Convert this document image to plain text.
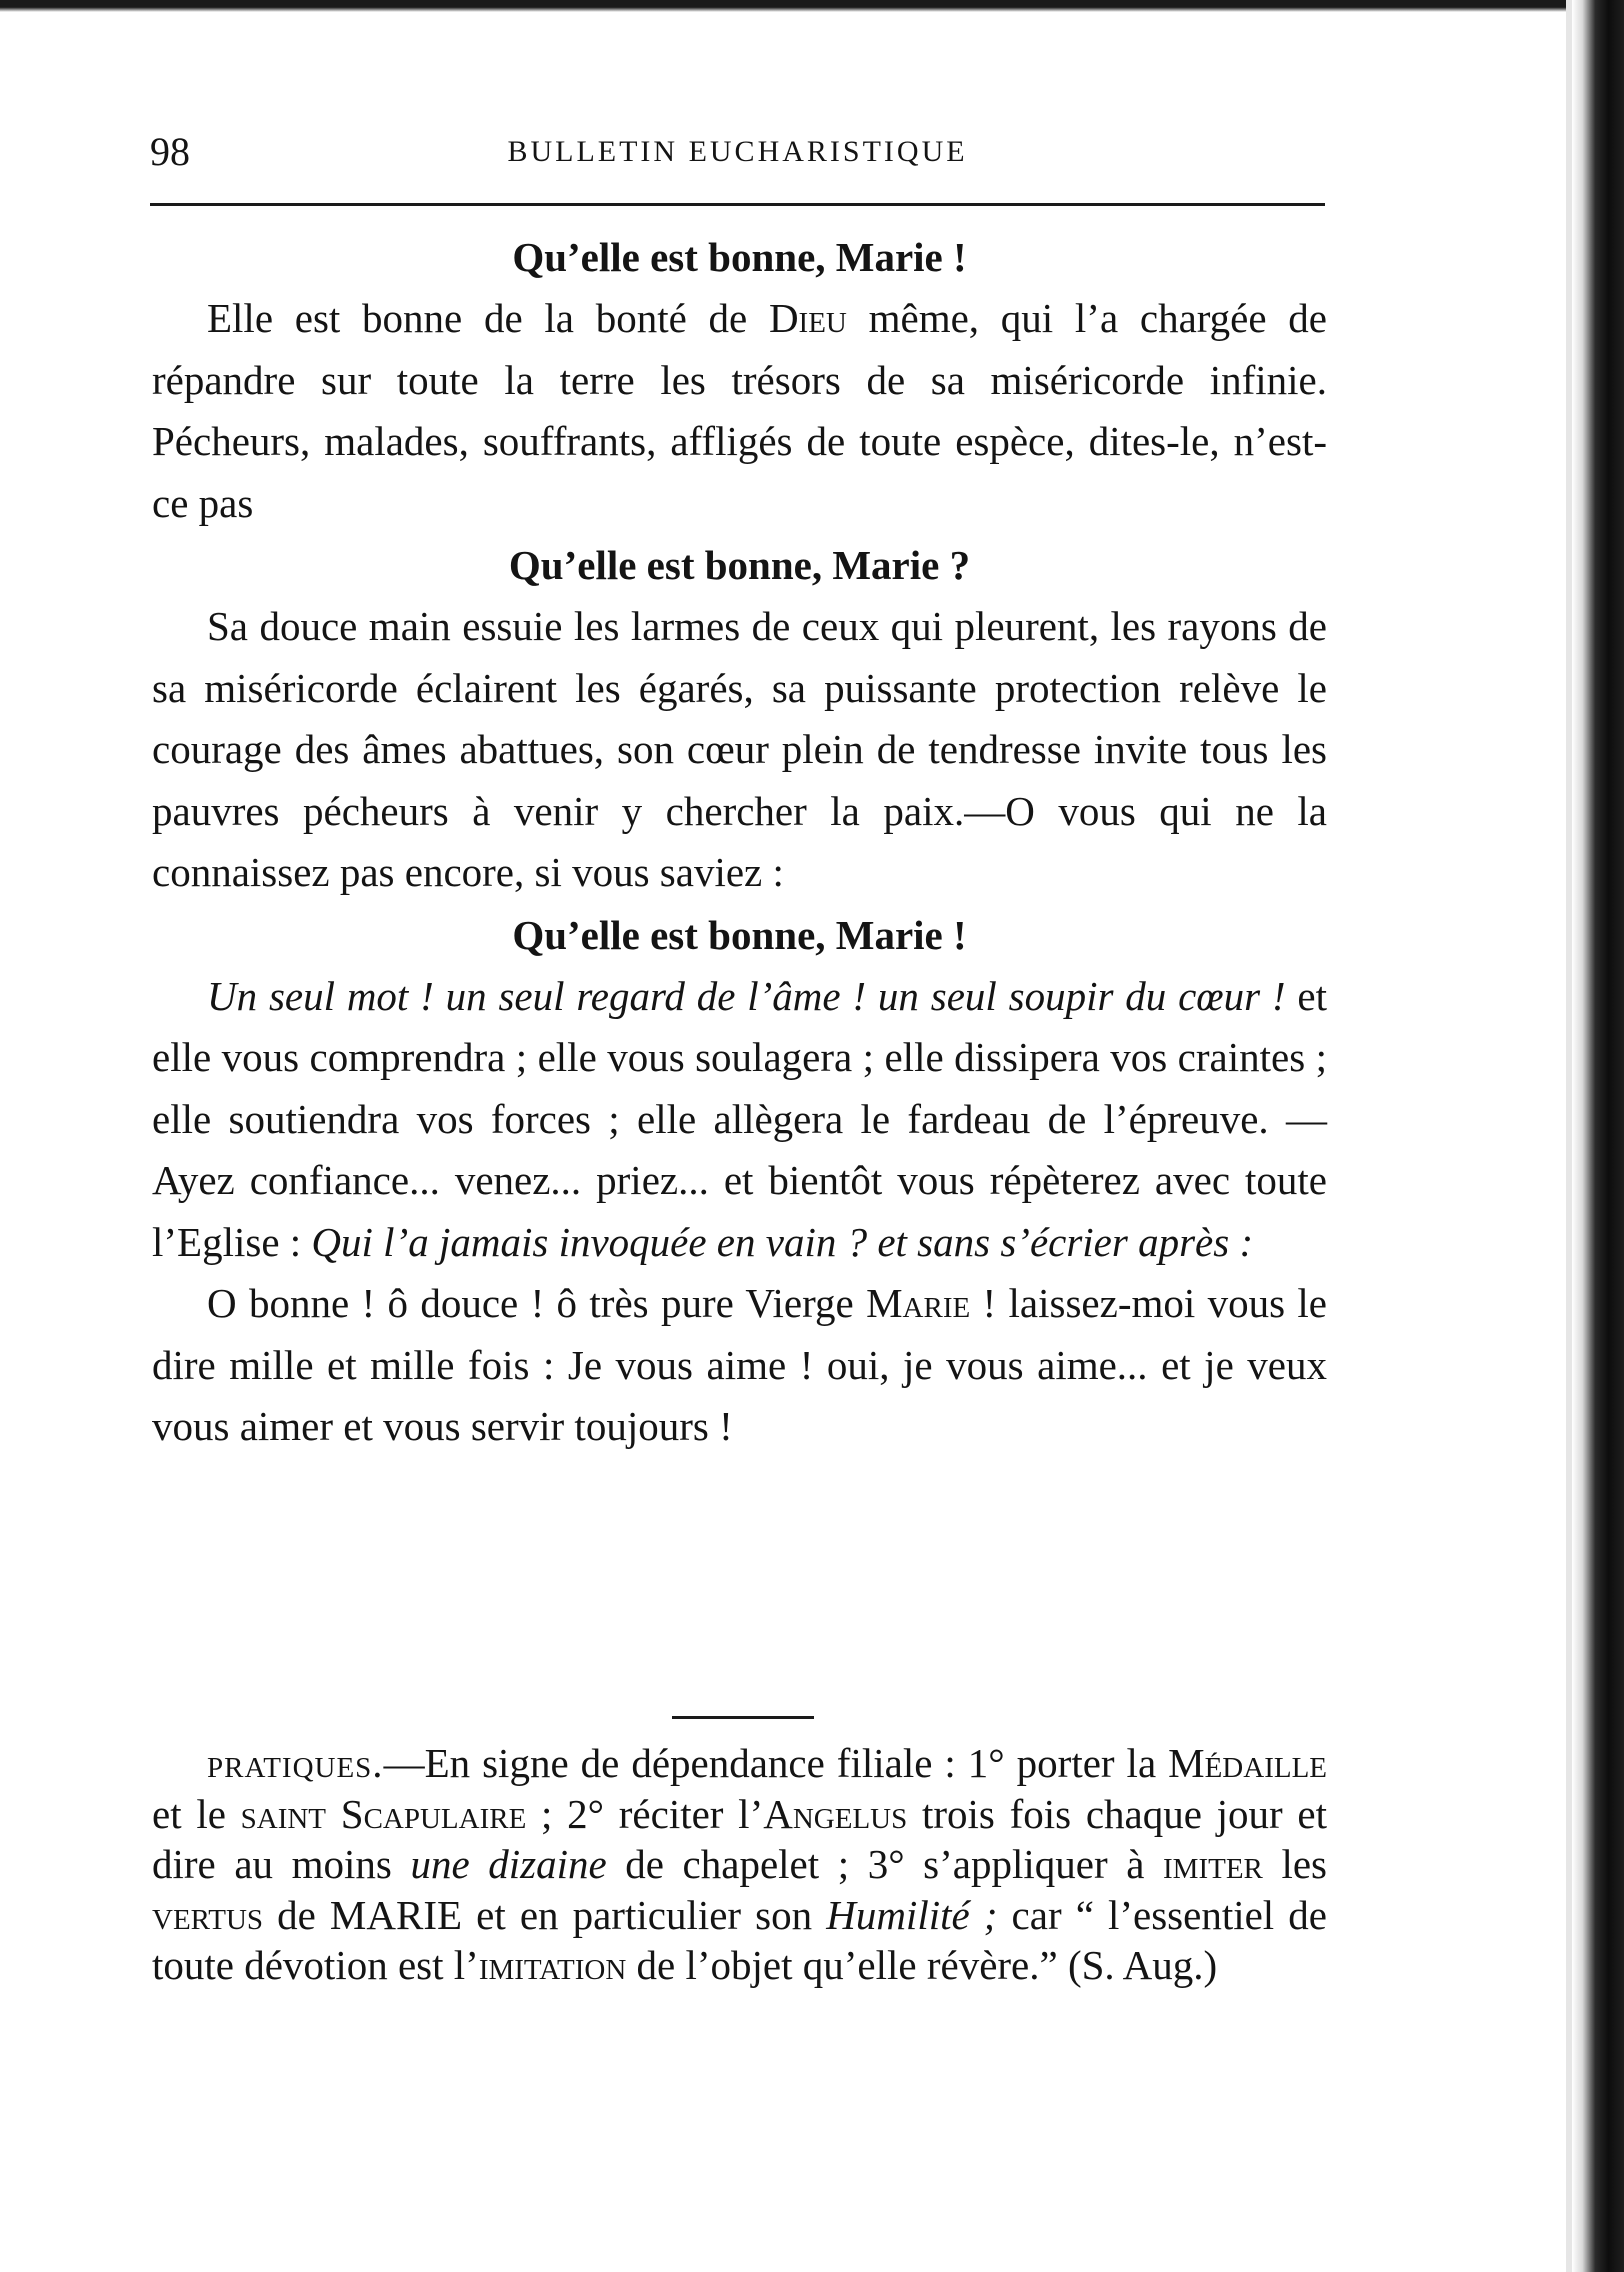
98	BULLETIN EUCHARISTIQUE

Qu’elle est bonne, Marie !

Elle est bonne de la bonté de Dieu même, qui l’a chargée de répandre sur toute la terre les trésors de sa miséricorde infinie. Pécheurs, malades, souffrants, affligés de toute espèce, dites-le, n’est-ce pas

Qu’elle est bonne, Marie ?

Sa douce main essuie les larmes de ceux qui pleurent, les rayons de sa miséricorde éclairent les égarés, sa puissante protection relève le courage des âmes abattues, son cœur plein de tendresse invite tous les pauvres pécheurs à venir y chercher la paix.—O vous qui ne la connaissez pas encore, si vous saviez :

Qu’elle est bonne, Marie !

Un seul mot ! un seul regard de l’âme ! un seul soupir du cœur ! et elle vous comprendra ; elle vous soulagera ; elle dissipera vos craintes ; elle soutiendra vos forces ; elle allègera le fardeau de l’épreuve. — Ayez confiance... venez... priez... et bientôt vous répèterez avec toute l’Eglise : Qui l’a jamais invoquée en vain ? et sans s’écrier après :

O bonne ! ô douce ! ô très pure Vierge Marie ! laissez-moi vous le dire mille et mille fois : Je vous aime ! oui, je vous aime... et je veux vous aimer et vous servir toujours !

pratiques.—En signe de dépendance filiale : 1° porter la Médaille et le saint Scapulaire ; 2° réciter l’Angelus trois fois chaque jour et dire au moins une dizaine de chapelet ; 3° s’appliquer à imiter les vertus de MARIE et en particulier son Humilité ; car “ l’essentiel de toute dévotion est l’imitation de l’objet qu’elle révère.” (S. Aug.)
